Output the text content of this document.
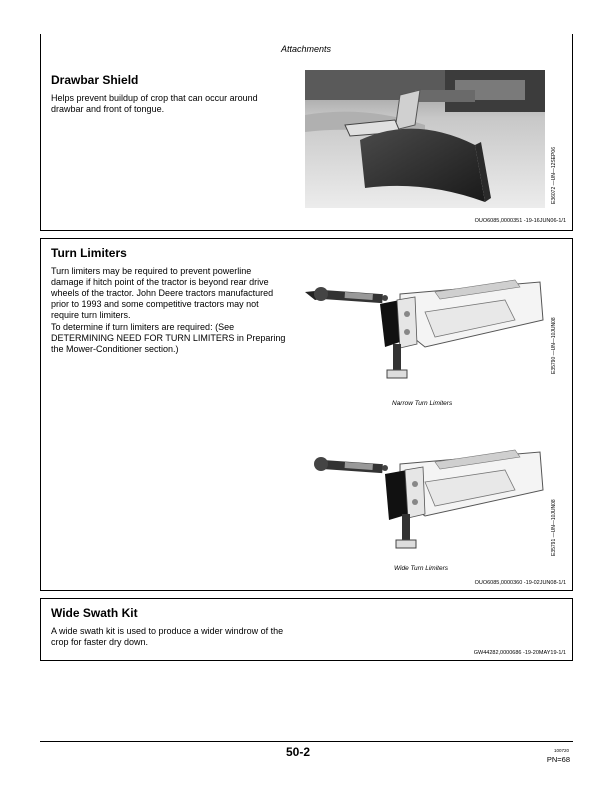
Attachments
Drawbar Shield
Helps prevent buildup of crop that can occur around drawbar and front of tongue.
E36072 —UN—12SEP06
OUO6085,0000351 -19-16JUN06-1/1
Turn Limiters
Turn limiters may be required to prevent powerline damage if hitch point of the tractor is beyond rear drive wheels of the tractor. John Deere tractors manufactured prior to 1993 and some competitive tractors may not require turn limiters.
To determine if turn limiters are required: (See DETERMINING NEED FOR TURN LIMITERS in Preparing the Mower-Conditioner section.)	E35790 —UN—10JUN08
Narrow Turn Limiters
E35791 —UN—10JUN08
Wide Turn Limiters
OUO6085,0000360 -19-02JUN08-1/1
Wide Swath Kit
A wide swath kit is used to produce a wider windrow of the crop for faster dry down.
GW44282,0000686 -19-20MAY19-1/1
50-2	100720
PN=68
